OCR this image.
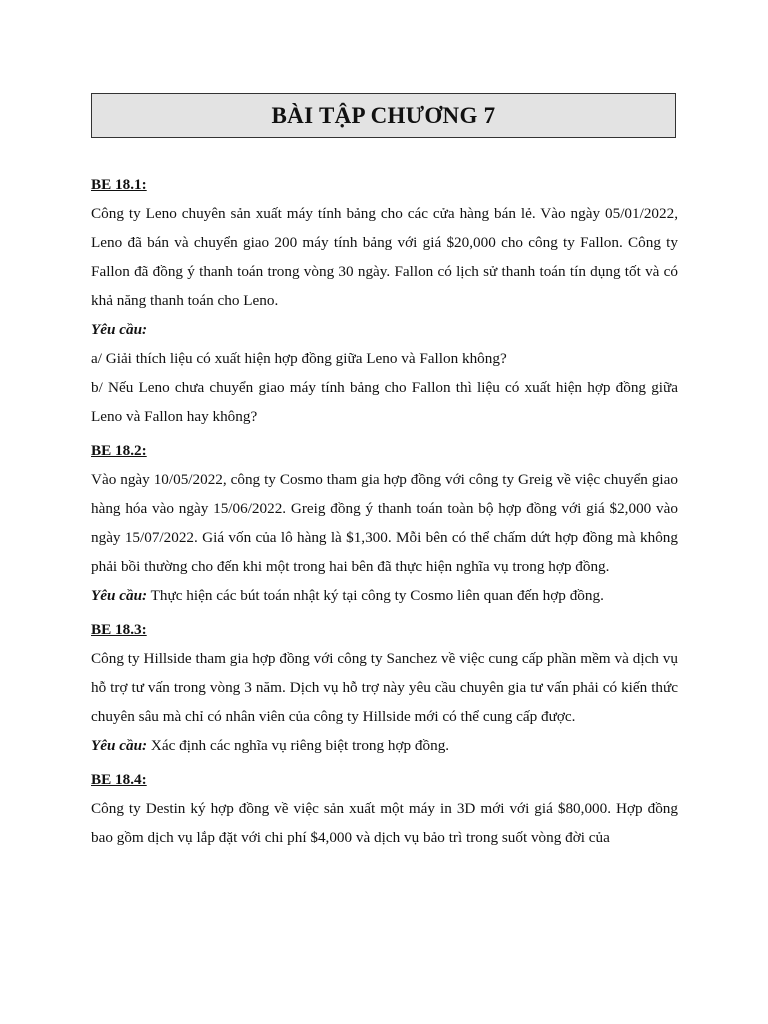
BÀI TẬP CHƯƠNG 7
BE 18.1:
Công ty Leno chuyên sản xuất máy tính bảng cho các cửa hàng bán lẻ. Vào ngày 05/01/2022, Leno đã bán và chuyển giao 200 máy tính bảng với giá $20,000 cho công ty Fallon. Công ty Fallon đã đồng ý thanh toán trong vòng 30 ngày. Fallon có lịch sử thanh toán tín dụng tốt và có khả năng thanh toán cho Leno.
Yêu cầu:
a/ Giải thích liệu có xuất hiện hợp đồng giữa Leno và Fallon không?
b/ Nếu Leno chưa chuyển giao máy tính bảng cho Fallon thì liệu có xuất hiện hợp đồng giữa Leno và Fallon hay không?
BE 18.2:
Vào ngày 10/05/2022, công ty Cosmo tham gia hợp đồng với công ty Greig về việc chuyển giao hàng hóa vào ngày 15/06/2022. Greig đồng ý thanh toán toàn bộ hợp đồng với giá $2,000 vào ngày 15/07/2022. Giá vốn của lô hàng là $1,300. Mỗi bên có thể chấm dứt hợp đồng mà không phải bồi thường cho đến khi một trong hai bên đã thực hiện nghĩa vụ trong hợp đồng.
Yêu cầu: Thực hiện các bút toán nhật ký tại công ty Cosmo liên quan đến hợp đồng.
BE 18.3:
Công ty Hillside tham gia hợp đồng với công ty Sanchez về việc cung cấp phần mềm và dịch vụ hỗ trợ tư vấn trong vòng 3 năm. Dịch vụ hỗ trợ này yêu cầu chuyên gia tư vấn phải có kiến thức chuyên sâu mà chỉ có nhân viên của công ty Hillside mới có thể cung cấp được.
Yêu cầu: Xác định các nghĩa vụ riêng biệt trong hợp đồng.
BE 18.4:
Công ty Destin ký hợp đồng về việc sản xuất một máy in 3D mới với giá $80,000. Hợp đồng bao gồm dịch vụ lắp đặt với chi phí $4,000 và dịch vụ bảo trì trong suốt vòng đời của
